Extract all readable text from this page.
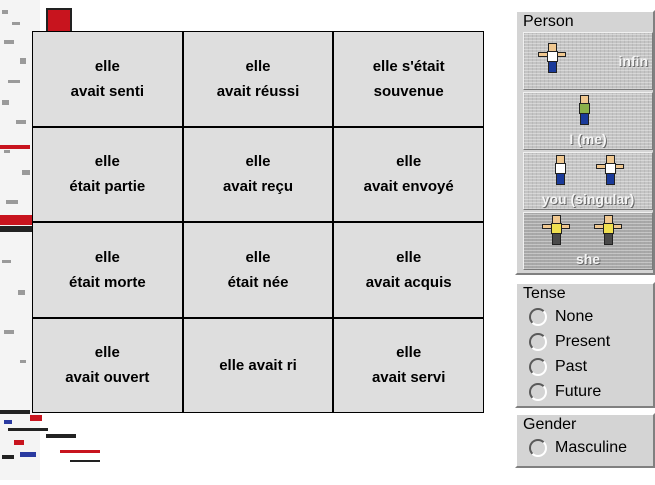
elle
avait senti
elle
avait réussi
elle s'était
souvenue
elle
était partie
elle
avait reçu
elle
avait envoyé
elle
était morte
elle
était née
elle
avait acquis
elle
avait ouvert
elle avait ri
elle
avait servi
Person
infin
I (me)
you (singular)
she
Tense
None
Present
Past
Future
Gender
Masculine
